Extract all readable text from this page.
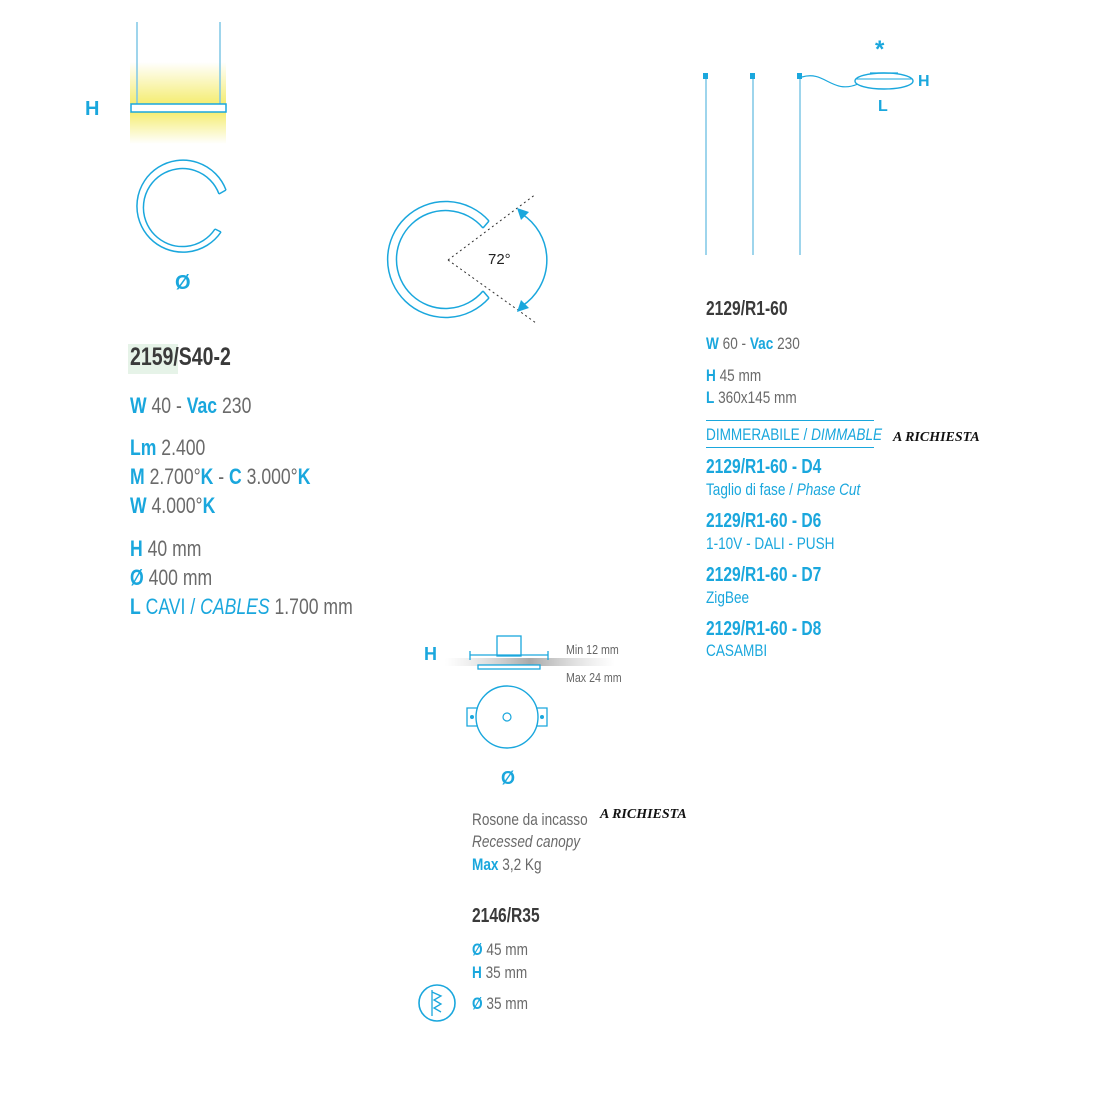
H
Ø
2159/S40-2
W 40 - Vac 230
Lm 2.400
M 2.700°K - C 3.000°K
W 4.000°K
H 40 mm
Ø 400 mm
L CAVI / CABLES 1.700 mm
72°
*
H
L
2129/R1-60
W 60 - Vac 230
H 45 mm
L 360x145 mm
DIMMERABILE / DIMMABLE A RICHIESTA
2129/R1-60 - D4
Taglio di fase / Phase Cut
2129/R1-60 - D6
1-10V - DALI - PUSH
2129/R1-60 - D7
ZigBee
2129/R1-60 - D8
CASAMBI
H	Min 12 mm
Max 24 mm
Ø
Rosone da incasso A RICHIESTA
Recessed canopy
Max 3,2 Kg
2146/R35
Ø 45 mm
H 35 mm
Ø 35 mm
